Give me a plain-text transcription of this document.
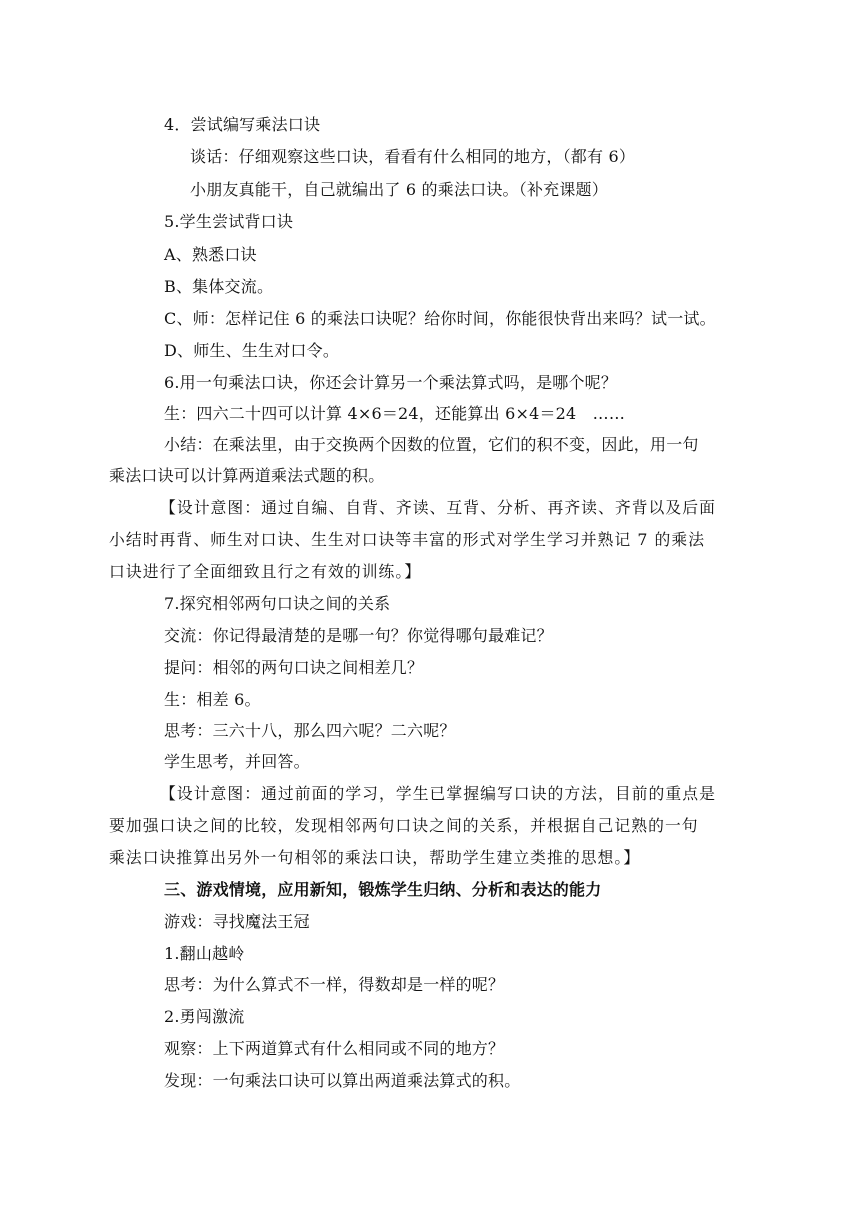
4．尝试编写乘法口诀
谈话：仔细观察这些口诀，看看有什么相同的地方，（都有 6）
小朋友真能干，自己就编出了 6 的乘法口诀。（补充课题）
5.学生尝试背口诀
A、熟悉口诀
B、集体交流。
C、师：怎样记住 6 的乘法口诀呢？给你时间，你能很快背出来吗？试一试。
D、师生、生生对口令。
6.用一句乘法口诀，你还会计算另一个乘法算式吗，是哪个呢？
生：四六二十四可以计算 4×6＝24，还能算出 6×4＝24　……
小结：在乘法里，由于交换两个因数的位置，它们的积不变，因此，用一句
乘法口诀可以计算两道乘法式题的积。
【设计意图：通过自编、自背、齐读、互背、分析、再齐读、齐背以及后面
小结时再背、师生对口诀、生生对口诀等丰富的形式对学生学习并熟记 7 的乘法
口诀进行了全面细致且行之有效的训练。】
7.探究相邻两句口诀之间的关系
交流：你记得最清楚的是哪一句？你觉得哪句最难记？
提问：相邻的两句口诀之间相差几？
生：相差 6。
思考：三六十八，那么四六呢？二六呢？
学生思考，并回答。
【设计意图：通过前面的学习，学生已掌握编写口诀的方法，目前的重点是
要加强口诀之间的比较，发现相邻两句口诀之间的关系，并根据自己记熟的一句
乘法口诀推算出另外一句相邻的乘法口诀，帮助学生建立类推的思想。】
三、游戏情境，应用新知，锻炼学生归纳、分析和表达的能力
游戏：寻找魔法王冠
1.翻山越岭
思考：为什么算式不一样，得数却是一样的呢？
2.勇闯激流
观察：上下两道算式有什么相同或不同的地方？
发现：一句乘法口诀可以算出两道乘法算式的积。
